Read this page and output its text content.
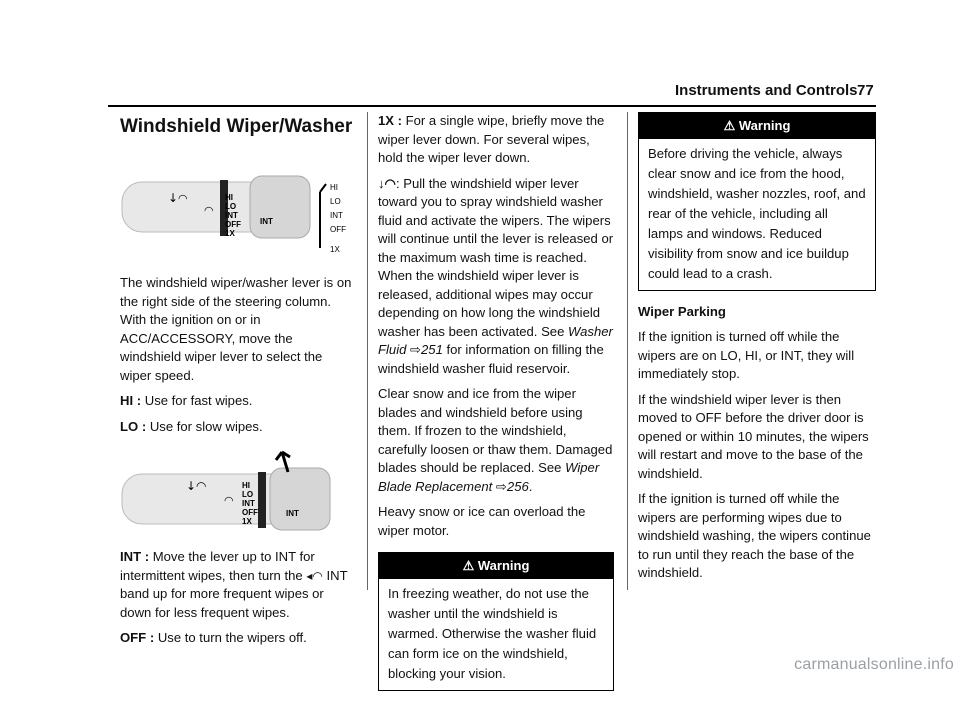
Instruments and Controls 77
Windshield Wiper/Washer
↓ ◠
◠
HI
LO
INT
OFF
1X
INT
HI
LO
INT
OFF
1X

The windshield wiper/washer lever is on the right side of the steering column. With the ignition on or in ACC/ACCESSORY, move the windshield wiper lever to select the wiper speed.

HI : Use for fast wipes.

LO : Use for slow wipes.

↓◠
◠
HI
LO
INT
OFF
1X
INT

INT : Move the lever up to INT for intermittent wipes, then turn the ◂◠ INT band up for more frequent wipes or down for less frequent wipes.

OFF : Use to turn the wipers off.

1X : For a single wipe, briefly move the wiper lever down. For several wipes, hold the wiper lever down.

↓◠: Pull the windshield wiper lever toward you to spray windshield washer fluid and activate the wipers. The wipers will continue until the lever is released or the maximum wash time is reached. When the windshield wiper lever is released, additional wipes may occur depending on how long the windshield washer has been activated. See Washer Fluid ⇨251 for information on filling the windshield washer fluid reservoir.

Clear snow and ice from the wiper blades and windshield before using them. If frozen to the windshield, carefully loosen or thaw them. Damaged blades should be replaced. See Wiper Blade Replacement ⇨256.

Heavy snow or ice can overload the wiper motor.

⚠ Warning
In freezing weather, do not use the washer until the windshield is warmed. Otherwise the washer fluid can form ice on the windshield, blocking your vision.
⚠ Warning
Before driving the vehicle, always clear snow and ice from the hood, windshield, washer nozzles, roof, and rear of the vehicle, including all lamps and windows. Reduced visibility from snow and ice buildup could lead to a crash.

Wiper Parking

If the ignition is turned off while the wipers are on LO, HI, or INT, they will immediately stop.

If the windshield wiper lever is then moved to OFF before the driver door is opened or within 10 minutes, the wipers will restart and move to the base of the windshield.

If the ignition is turned off while the wipers are performing wipes due to windshield washing, the wipers continue to run until they reach the base of the windshield.

carmanualsonline.info
